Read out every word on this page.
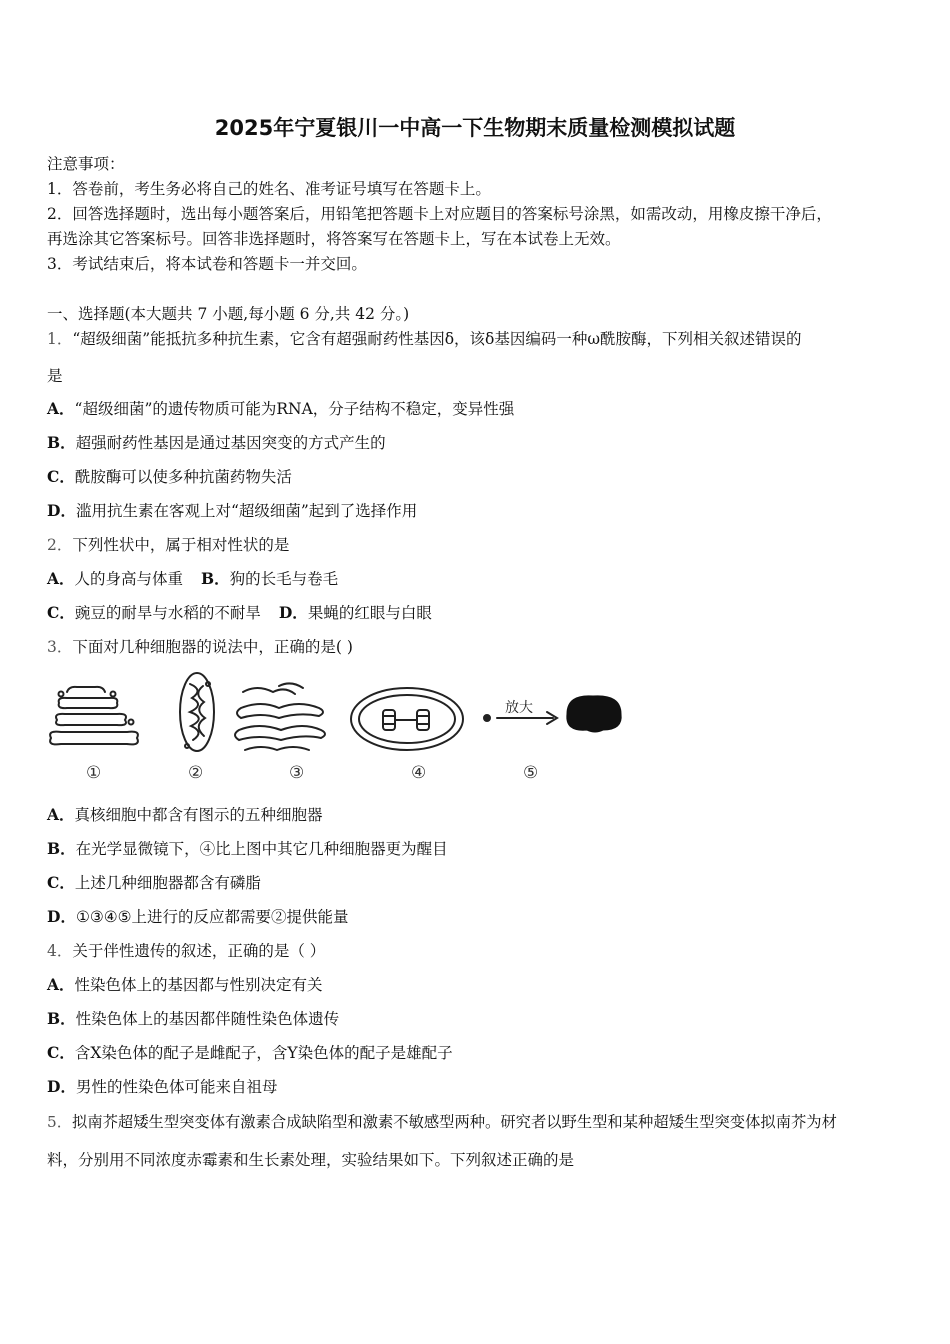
2025年宁夏银川一中高一下生物期末质量检测模拟试题
注意事项：
1．答卷前，考生务必将自己的姓名、准考证号填写在答题卡上。
2．回答选择题时，选出每小题答案后，用铅笔把答题卡上对应题目的答案标号涂黑，如需改动，用橡皮擦干净后，
再选涂其它答案标号。回答非选择题时，将答案写在答题卡上，写在本试卷上无效。
3．考试结束后，将本试卷和答题卡一并交回。
一、选择题(本大题共 7 小题,每小题 6 分,共 42 分。)
1．“超级细菌”能抵抗多种抗生素，它含有超强耐药性基因δ，该δ基因编码一种ω酰胺酶，下列相关叙述错误的
是
A．“超级细菌”的遗传物质可能为RNA，分子结构不稳定，变异性强
B．超强耐药性基因是通过基因突变的方式产生的
C．酰胺酶可以使多种抗菌药物失活
D．滥用抗生素在客观上对“超级细菌”起到了选择作用
2．下列性状中，属于相对性状的是
A．人的身高与体重 B．狗的长毛与卷毛
C．豌豆的耐旱与水稻的不耐旱 D．果蝇的红眼与白眼
3．下面对几种细胞器的说法中，正确的是( )
放大
①	②	③	④	⑤
A．真核细胞中都含有图示的五种细胞器
B．在光学显微镜下，④比上图中其它几种细胞器更为醒目
C．上述几种细胞器都含有磷脂
D．①③④⑤上进行的反应都需要②提供能量
4．关于伴性遗传的叙述，正确的是（ ）
A．性染色体上的基因都与性别决定有关
B．性染色体上的基因都伴随性染色体遗传
C．含X染色体的配子是雌配子，含Y染色体的配子是雄配子
D．男性的性染色体可能来自祖母
5．拟南芥超矮生型突变体有激素合成缺陷型和激素不敏感型两种。研究者以野生型和某种超矮生型突变体拟南芥为材
料，分别用不同浓度赤霉素和生长素处理，实验结果如下。下列叙述正确的是
